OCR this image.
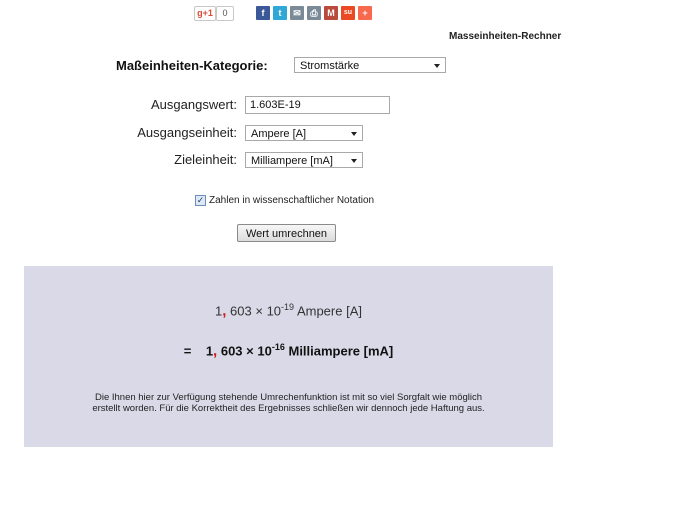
g+1	0	f	t	✉	⎙	M	su	+
Masseinheiten-Rechner
Maßeinheiten-Kategorie:	Stromstärke
Ausgangswert:	1.603E-19
Ausgangseinheit:	Ampere [A]
Zieleinheit:	Milliampere [mA]
✓ Zahlen in wissenschaftlicher Notation
Wert umrechnen
1, $603 \times 10^{-19}$ Ampere [A]
= 1, $603 \times 10^{-16}$ Milliampere [mA]
Die Ihnen hier zur Verfügung stehende Umrechenfunktion ist mit so viel Sorgfalt wie möglich
erstellt worden. Für die Korrektheit des Ergebnisses schließen wir dennoch jede Haftung aus.
